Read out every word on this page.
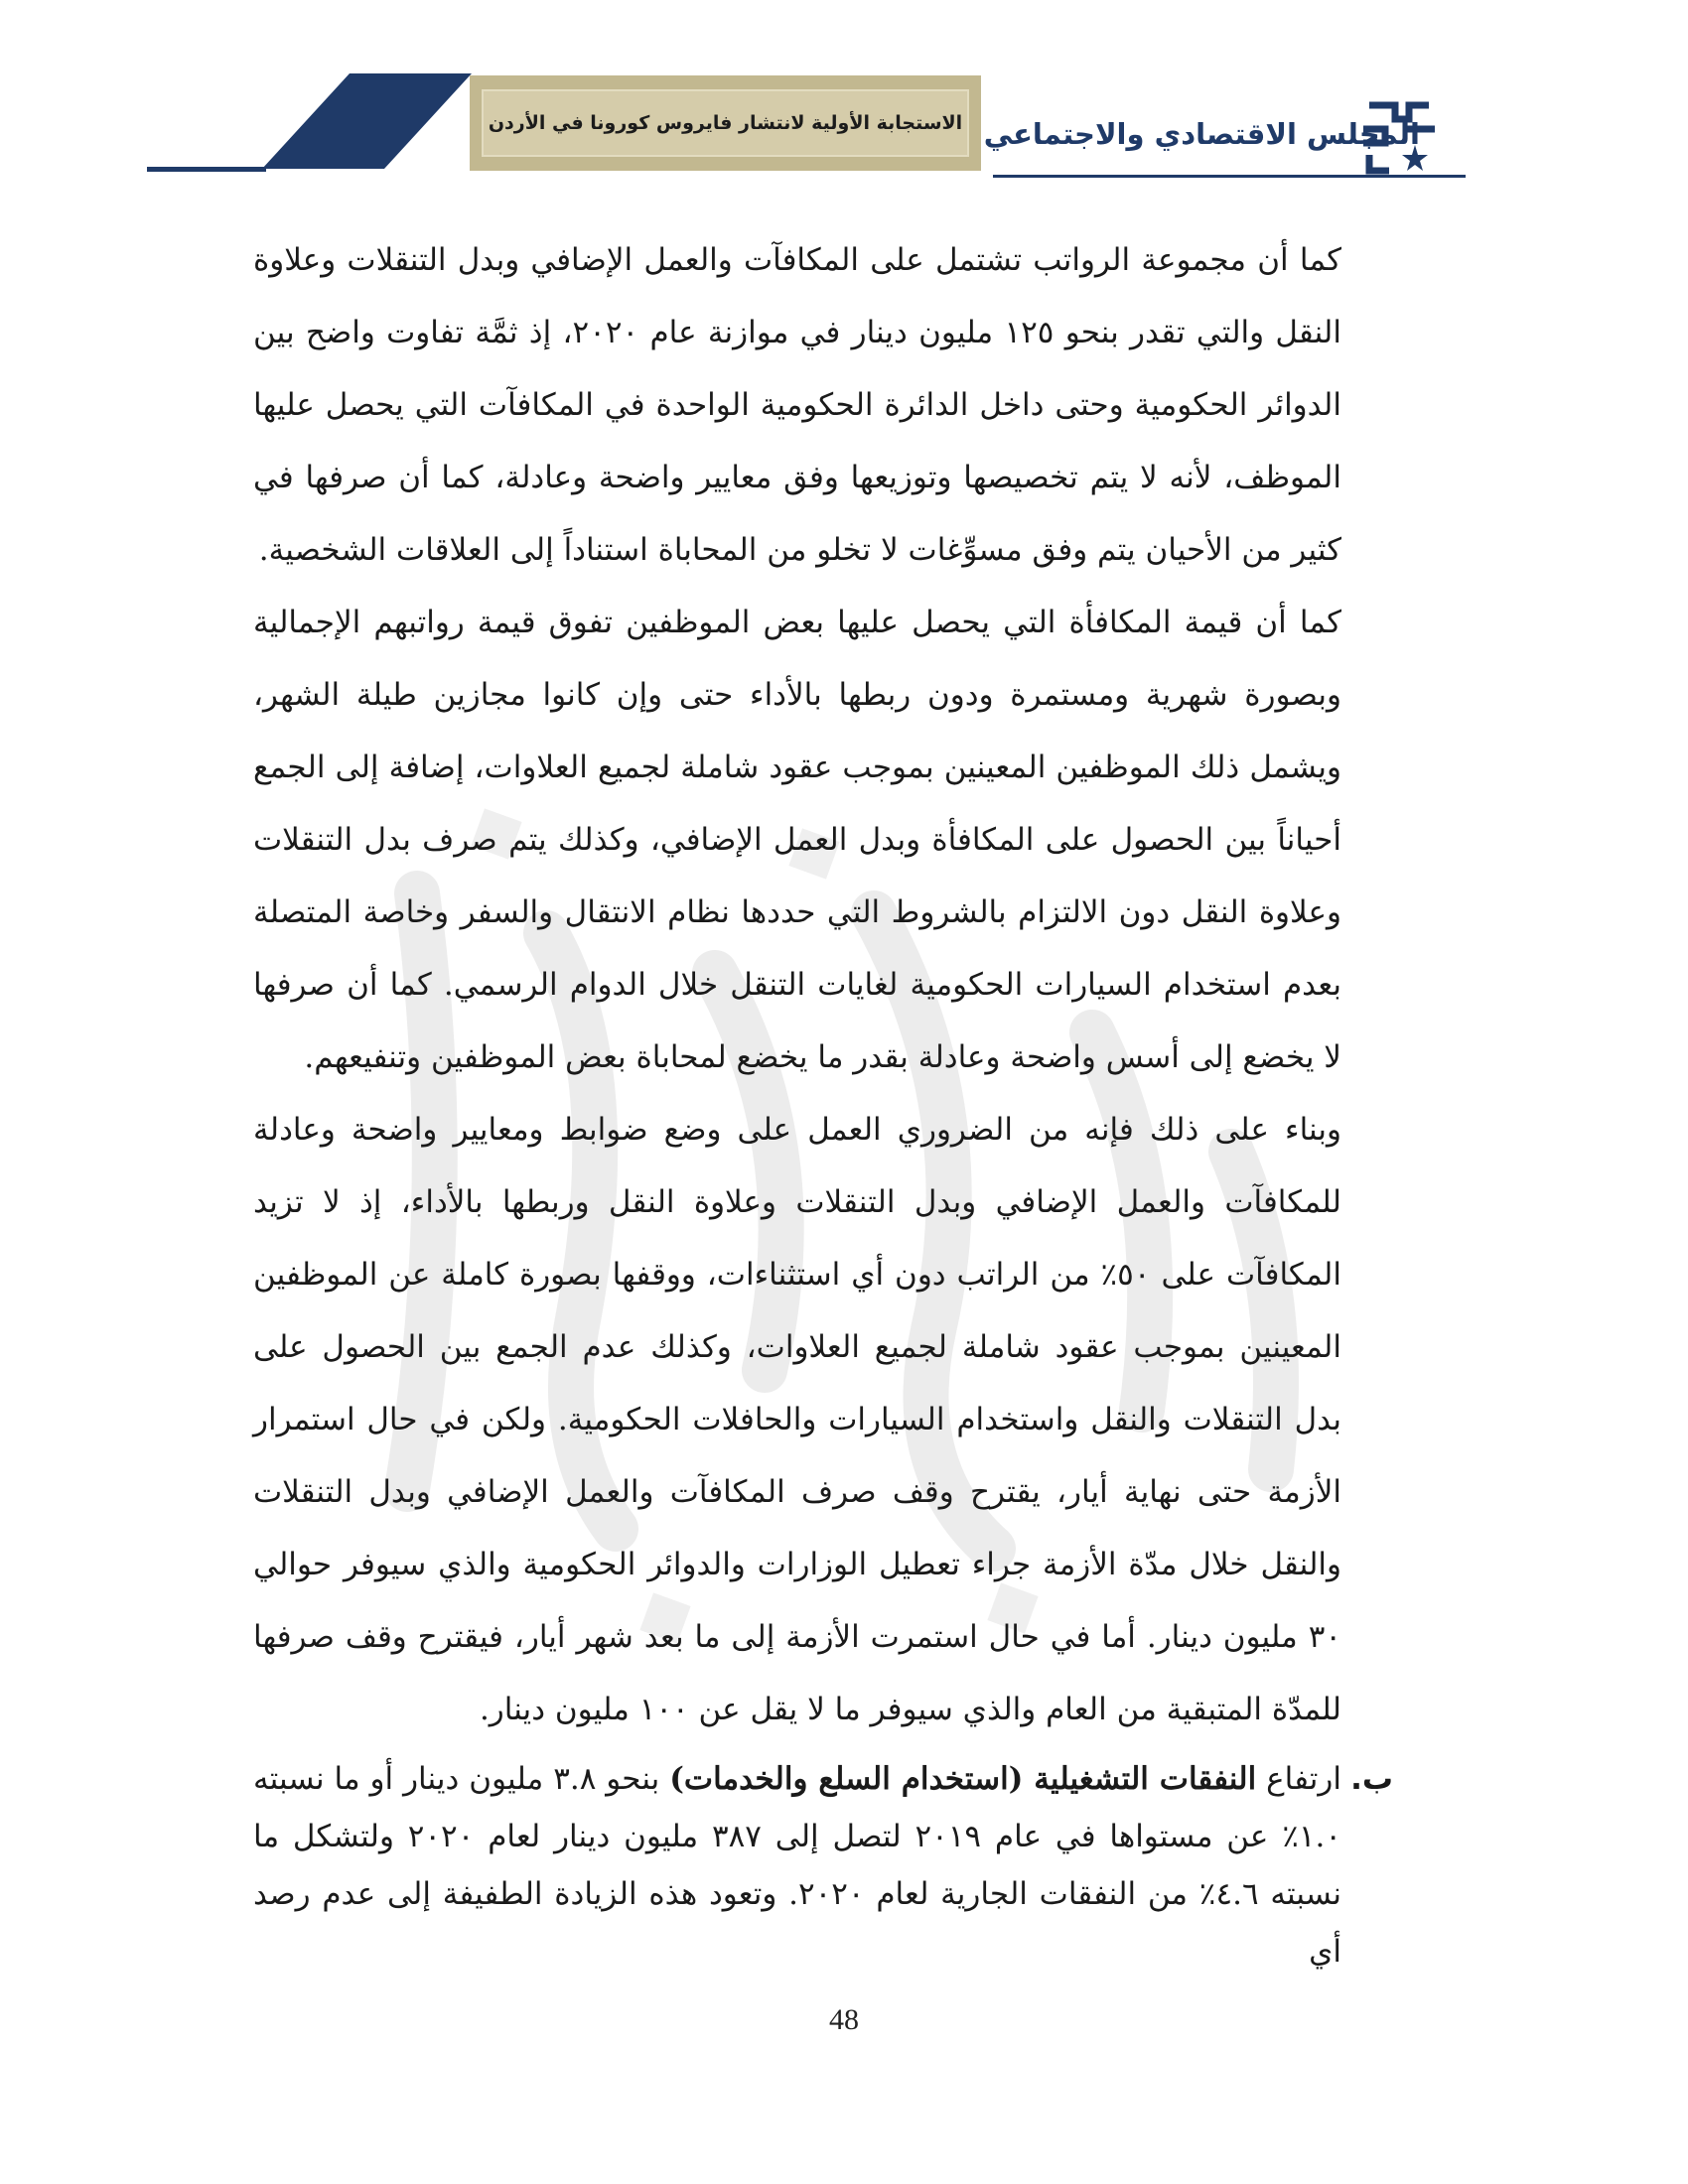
الاستجابة الأولية لانتشار فايروس كورونا في الأردن المجلس الاقتصادي والاجتماعي

كما أن مجموعة الرواتب تشتمل على المكافآت والعمل الإضافي وبدل التنقلات وعلاوة النقل والتي تقدر بنحو ١٢٥ مليون دينار في موازنة عام ٢٠٢٠، إذ ثمَّة تفاوت واضح بين الدوائر الحكومية وحتى داخل الدائرة الحكومية الواحدة في المكافآت التي يحصل عليها الموظف، لأنه لا يتم تخصيصها وتوزيعها وفق معايير واضحة وعادلة، كما أن صرفها في كثير من الأحيان يتم وفق مسوِّغات لا تخلو من المحاباة استناداً إلى العلاقات الشخصية.

كما أن قيمة المكافأة التي يحصل عليها بعض الموظفين تفوق قيمة رواتبهم الإجمالية وبصورة شهرية ومستمرة ودون ربطها بالأداء حتى وإن كانوا مجازين طيلة الشهر، ويشمل ذلك الموظفين المعينين بموجب عقود شاملة لجميع العلاوات، إضافة إلى الجمع أحياناً بين الحصول على المكافأة وبدل العمل الإضافي، وكذلك يتم صرف بدل التنقلات وعلاوة النقل دون الالتزام بالشروط التي حددها نظام الانتقال والسفر وخاصة المتصلة بعدم استخدام السيارات الحكومية لغايات التنقل خلال الدوام الرسمي. كما أن صرفها لا يخضع إلى أسس واضحة وعادلة بقدر ما يخضع لمحاباة بعض الموظفين وتنفيعهم.

وبناء على ذلك فإنه من الضروري العمل على وضع ضوابط ومعايير واضحة وعادلة للمكافآت والعمل الإضافي وبدل التنقلات وعلاوة النقل وربطها بالأداء، إذ لا تزيد المكافآت على ٥٠٪ من الراتب دون أي استثناءات، ووقفها بصورة كاملة عن الموظفين المعينين بموجب عقود شاملة لجميع العلاوات، وكذلك عدم الجمع بين الحصول على بدل التنقلات والنقل واستخدام السيارات والحافلات الحكومية. ولكن في حال استمرار الأزمة حتى نهاية أيار، يقترح وقف صرف المكافآت والعمل الإضافي وبدل التنقلات والنقل خلال مدّة الأزمة جراء تعطيل الوزارات والدوائر الحكومية والذي سيوفر حوالي ٣٠ مليون دينار. أما في حال استمرت الأزمة إلى ما بعد شهر أيار، فيقترح وقف صرفها للمدّة المتبقية من العام والذي سيوفر ما لا يقل عن ١٠٠ مليون دينار.

ب.
ارتفاع النفقات التشغيلية (استخدام السلع والخدمات) بنحو ٣.٨ مليون دينار أو ما نسبته ١.٠٪ عن مستواها في عام ٢٠١٩ لتصل إلى ٣٨٧ مليون دينار لعام ٢٠٢٠ ولتشكل ما نسبته ٤.٦٪ من النفقات الجارية لعام ٢٠٢٠. وتعود هذه الزيادة الطفيفة إلى عدم رصد أي

48
